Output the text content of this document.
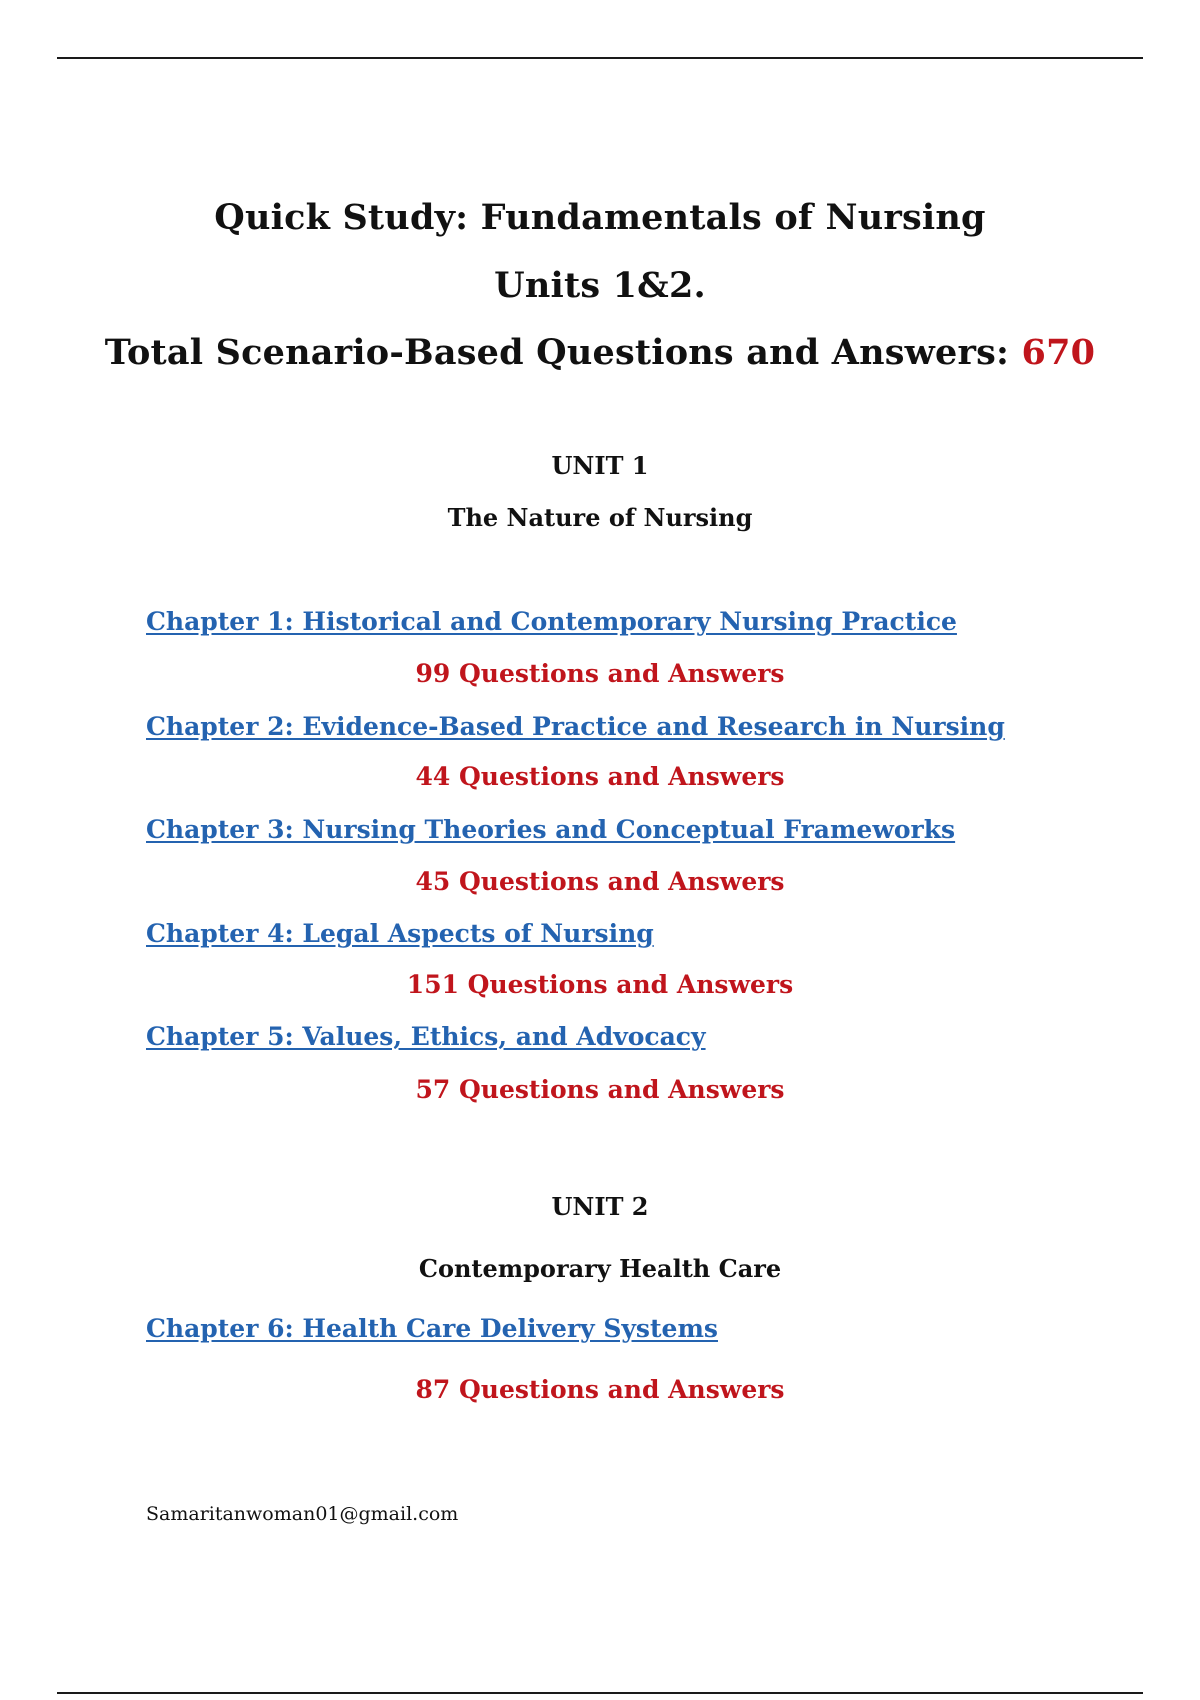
Quick Study: Fundamentals of Nursing
Units 1&2.
Total Scenario-Based Questions and Answers: 670
UNIT 1
The Nature of Nursing
Chapter 1: Historical and Contemporary Nursing Practice
99 Questions and Answers
Chapter 2: Evidence-Based Practice and Research in Nursing
44 Questions and Answers
Chapter 3: Nursing Theories and Conceptual Frameworks
45 Questions and Answers
Chapter 4: Legal Aspects of Nursing
151 Questions and Answers
Chapter 5: Values, Ethics, and Advocacy
57 Questions and Answers
UNIT 2
Contemporary Health Care
Chapter 6: Health Care Delivery Systems
87 Questions and Answers
Samaritanwoman01@gmail.com
